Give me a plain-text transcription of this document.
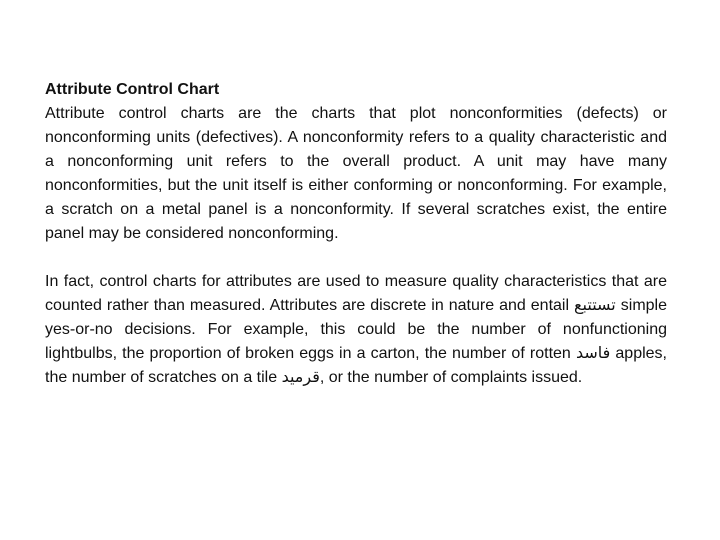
Attribute Control Chart

Attribute control charts are the charts that plot nonconformities (defects) or nonconforming units (defectives). A nonconformity refers to a quality characteristic and a nonconforming unit refers to the overall product. A unit may have many nonconformities, but the unit itself is either conforming or nonconforming. For example, a scratch on a metal panel is a nonconformity. If several scratches exist, the entire panel may be considered nonconforming.

In fact, control charts for attributes are used to measure quality characteristics that are counted rather than measured. Attributes are discrete in nature and entail تستتبع simple yes-or-no decisions. For example, this could be the number of nonfunctioning lightbulbs, the proportion of broken eggs in a carton, the number of rotten فاسد apples, the number of scratches on a tile قرميد, or the number of complaints issued.
